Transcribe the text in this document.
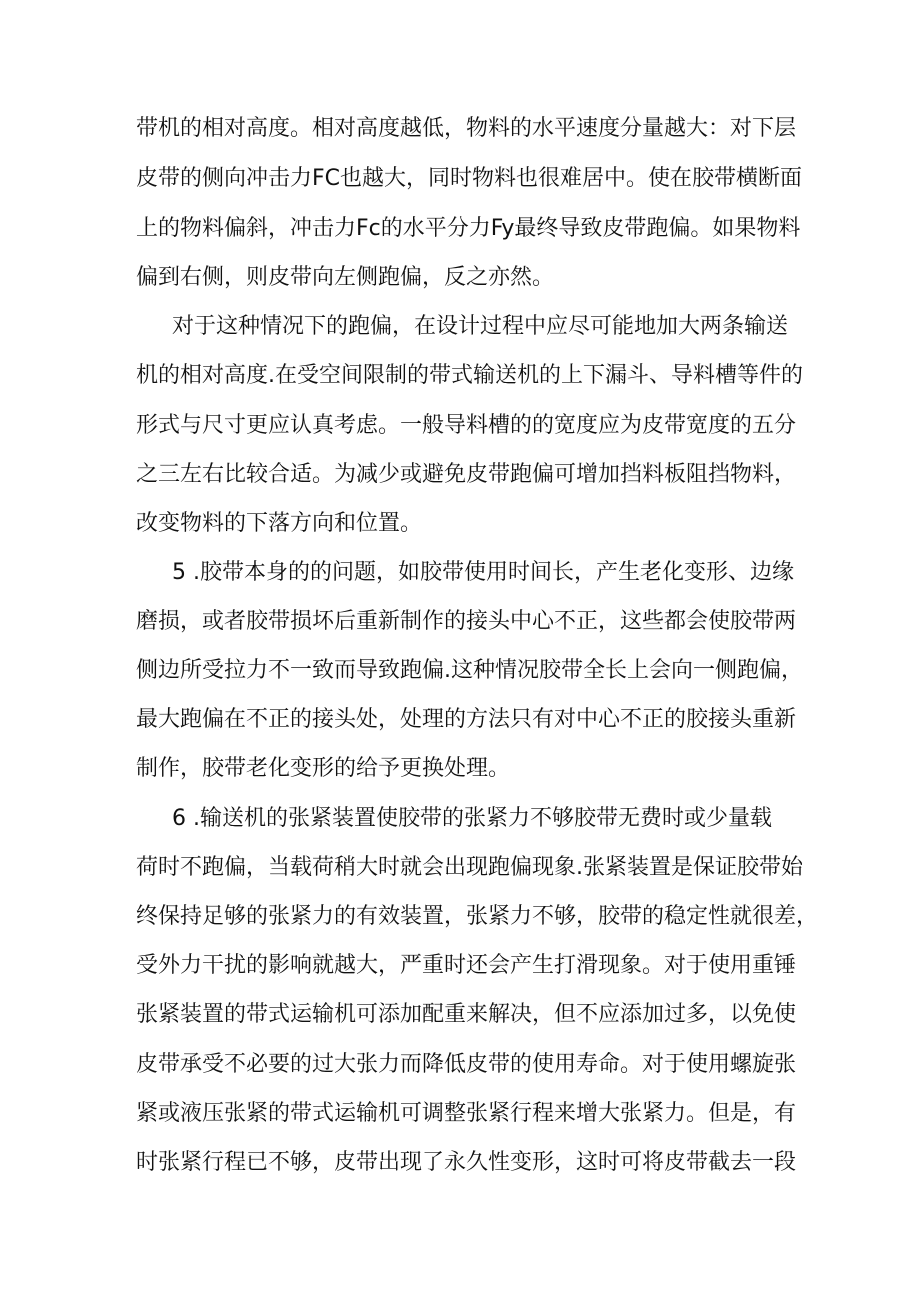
带机的相对高度。相对高度越低，物料的水平速度分量越大：对下层
皮带的侧向冲击力FC也越大，同时物料也很难居中。使在胶带横断面
上的物料偏斜，冲击力Fc的水平分力Fy最终导致皮带跑偏。如果物料
偏到右侧，则皮带向左侧跑偏，反之亦然。
对于这种情况下的跑偏，在设计过程中应尽可能地加大两条输送
机的相对高度.在受空间限制的带式输送机的上下漏斗、导料槽等件的
形式与尺寸更应认真考虑。一般导料槽的的宽度应为皮带宽度的五分
之三左右比较合适。为减少或避免皮带跑偏可增加挡料板阻挡物料，
改变物料的下落方向和位置。
5 .胶带本身的的问题，如胶带使用时间长，产生老化变形、边缘
磨损，或者胶带损坏后重新制作的接头中心不正，这些都会使胶带两
侧边所受拉力不一致而导致跑偏.这种情况胶带全长上会向一侧跑偏，
最大跑偏在不正的接头处，处理的方法只有对中心不正的胶接头重新
制作，胶带老化变形的给予更换处理。
6 .输送机的张紧装置使胶带的张紧力不够胶带无费时或少量载
荷时不跑偏，当载荷稍大时就会出现跑偏现象.张紧装置是保证胶带始
终保持足够的张紧力的有效装置，张紧力不够，胶带的稳定性就很差，
受外力干扰的影响就越大，严重时还会产生打滑现象。对于使用重锤
张紧装置的带式运输机可添加配重来解决，但不应添加过多，以免使
皮带承受不必要的过大张力而降低皮带的使用寿命。对于使用螺旋张
紧或液压张紧的带式运输机可调整张紧行程来增大张紧力。但是，有
时张紧行程已不够，皮带出现了永久性变形，这时可将皮带截去一段
